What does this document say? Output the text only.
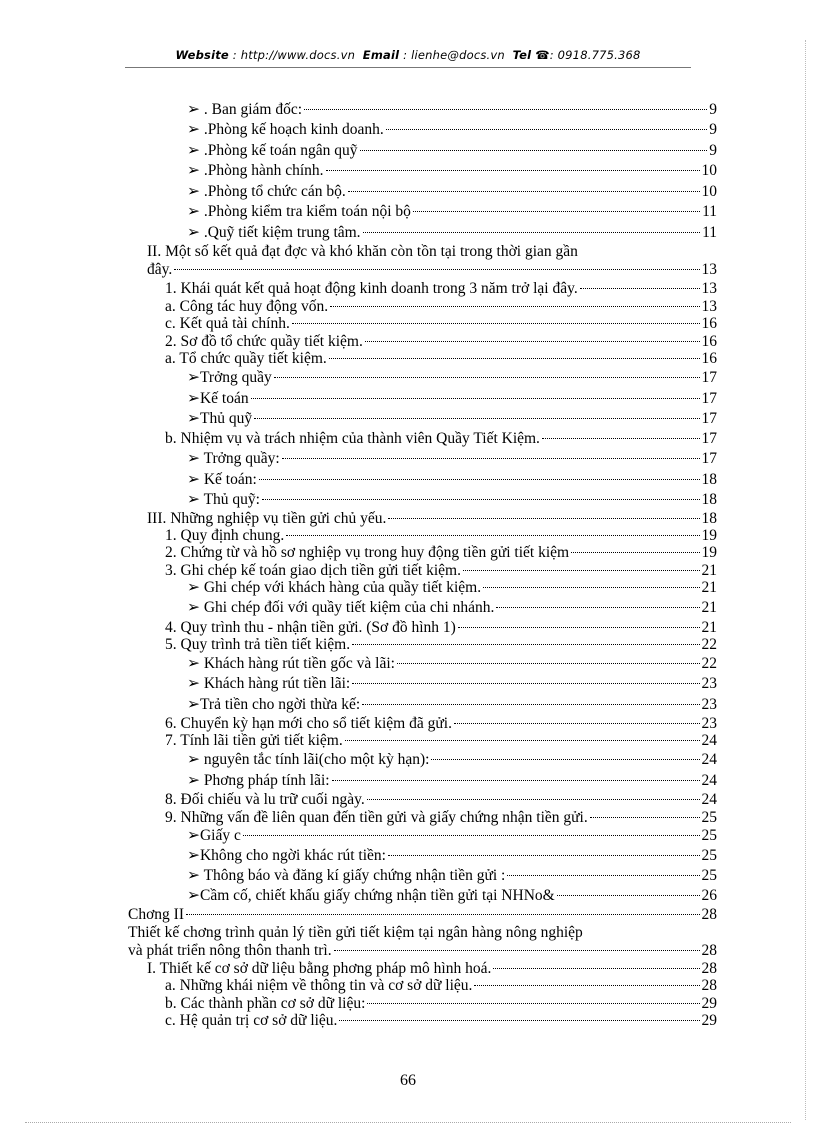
Website : http://www.docs.vn Email : lienhe@docs.vn Tel ☎: 0918.775.368
➢ . Ban giám đốc:	9
➢ .Phòng kế hoạch kinh doanh.	9
➢ .Phòng kế toán ngân quỹ	9
➢ .Phòng hành chính.	10
➢ .Phòng tổ chức cán bộ.	10
➢ .Phòng kiểm tra kiểm toán nội bộ	11
➢ .Quỹ tiết kiệm trung tâm.	11
II. Một số kết quả đạt đợc và khó khăn còn tồn tại trong thời gian gần
đây.	13
1. Khái quát kết quả hoạt động kinh doanh trong 3 năm trở lại đây.	13
a. Công tác huy động vốn.	13
c. Kết quả tài chính.	16
2. Sơ đồ tổ chức quầy tiết kiệm.	16
a. Tổ chức quầy tiết kiệm.	16
➢Trởng quầy	17
➢Kế toán	17
➢Thủ quỹ	17
b. Nhiệm vụ và trách nhiệm của thành viên Quầy Tiết Kiệm.	17
➢ Trởng quầy:	17
➢ Kế toán:	18
➢ Thủ quỹ:	18
III. Những nghiệp vụ tiền gửi chủ yếu.	18
1. Quy định chung.	19
2. Chứng từ và hồ sơ nghiệp vụ trong huy động tiền gửi tiết kiệm	19
3. Ghi chép kế toán giao dịch tiền gửi tiết kiệm.	21
➢ Ghi chép với khách hàng của quầy tiết kiệm.	21
➢ Ghi chép đối với quầy tiết kiệm của chi nhánh.	21
4. Quy trình thu - nhận tiền gửi. (Sơ đồ hình 1)	21
5. Quy trình trả tiền tiết kiệm.	22
➢ Khách hàng rút tiền gốc và lãi:	22
➢ Khách hàng rút tiền lãi:	23
➢Trả tiền cho ngời thừa kế:	23
6. Chuyển kỳ hạn mới cho sổ tiết kiệm đã gửi.	23
7. Tính lãi tiền gửi tiết kiệm.	24
➢ nguyên tắc tính lãi(cho một kỳ hạn):	24
➢ Phơng pháp tính lãi:	24
8. Đối chiếu và lu trữ cuối ngày.	24
9. Những vấn đề liên quan đến tiền gửi và giấy chứng nhận tiền gửi.	25
➢Giấy c	25
➢Không cho ngời khác rút tiền:	25
➢ Thông báo và đăng kí giấy chứng nhận tiền gửi :	25
➢Cầm cố, chiết khấu giấy chứng nhận tiền gửi tại NHNo&	26
Chơng II	28
Thiết kế chơng trình quản lý tiền gửi tiết kiệm tại ngân hàng nông nghiệp
và phát triển nông thôn thanh trì.	28
I. Thiết kế cơ sở dữ liệu bằng phơng pháp mô hình hoá.	28
a. Những khái niệm về thông tin và cơ sở dữ liệu.	28
b. Các thành phần cơ sở dữ liệu:	29
c. Hệ quản trị cơ sở dữ liệu.	29
66
